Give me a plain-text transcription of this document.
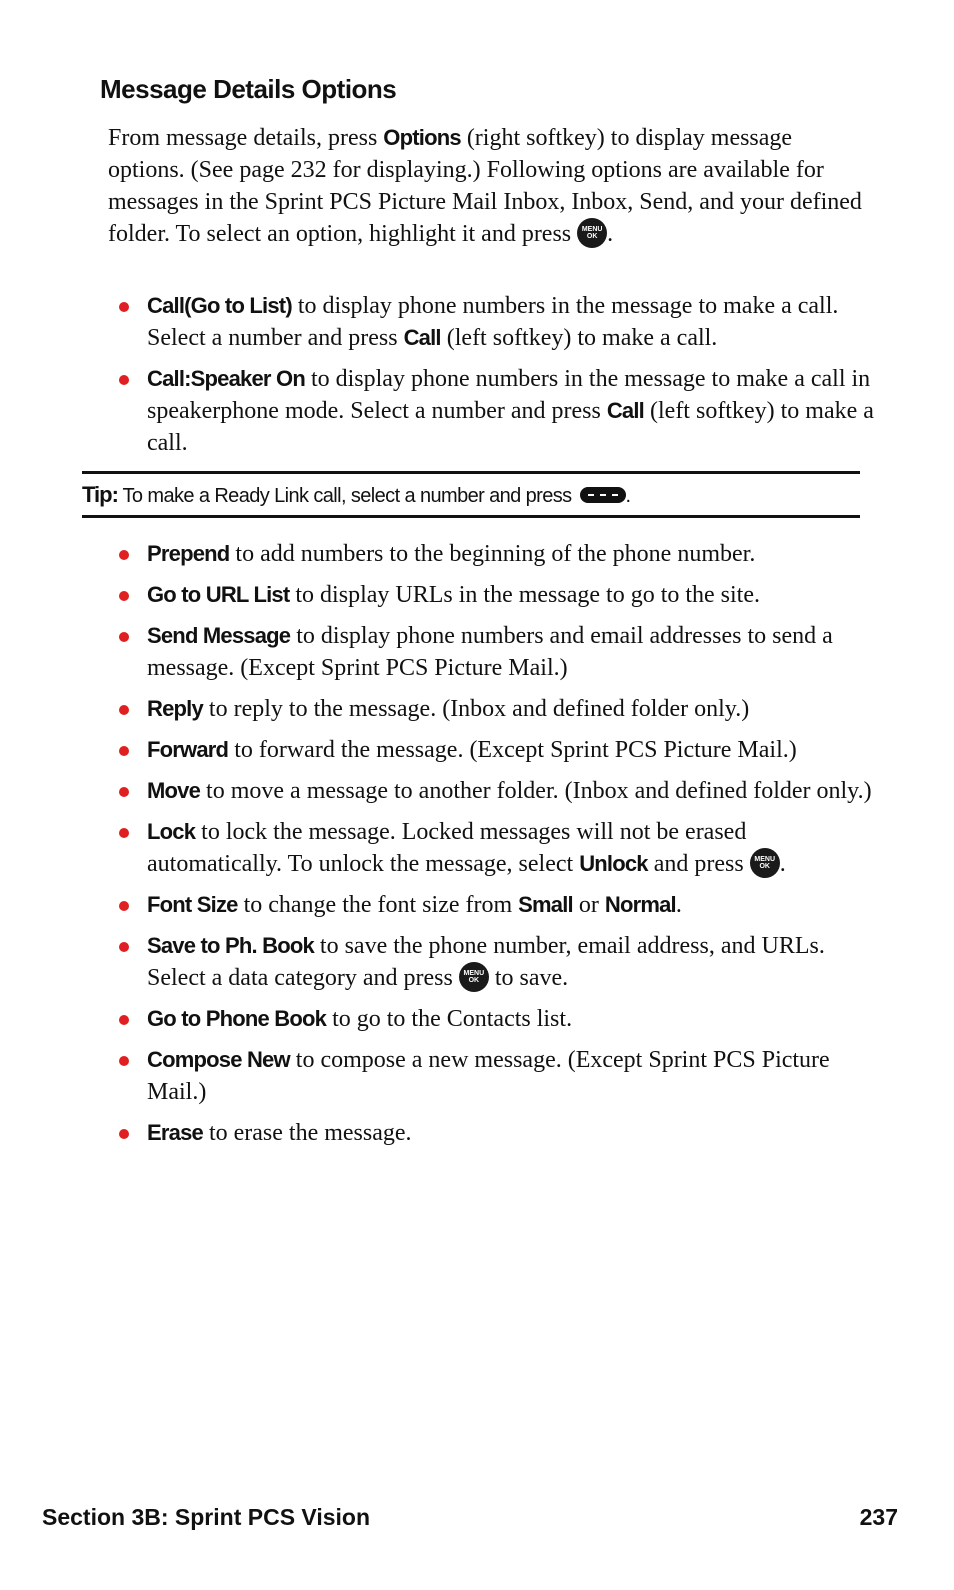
Message Details Options

From message details, press Options (right softkey) to display message options. (See page 232 for displaying.) Following options are available for messages in the Sprint PCS Picture Mail Inbox, Inbox, Send, and your defined folder. To select an option, highlight it and press MENU
OK .

Call(Go to List) to display phone numbers in the message to make a call. Select a number and press Call (left softkey) to make a call.
Call:Speaker On to display phone numbers in the message to make a call in speakerphone mode. Select a number and press Call (left softkey) to make a call.
Tip: To make a Ready Link call, select a number and press
.
Prepend to add numbers to the beginning of the phone number.
Go to URL List to display URLs in the message to go to the site.
Send Message to display phone numbers and email addresses to send a message. (Except Sprint PCS Picture Mail.)
Reply to reply to the message. (Inbox and defined folder only.)
Forward to forward the message. (Except Sprint PCS Picture Mail.)
Move to move a message to another folder. (Inbox and defined folder only.)
Lock to lock the message. Locked messages will not be erased automatically. To unlock the message, select Unlock and press MENU
OK .
Font Size to change the font size from Small or Normal.
Save to Ph. Book to save the phone number, email address, and URLs. Select a data category and press MENU
OK to save.
Go to Phone Book to go to the Contacts list.
Compose New to compose a new message. (Except Sprint PCS Picture Mail.)
Erase to erase the message.
Section 3B: Sprint PCS Vision	237
